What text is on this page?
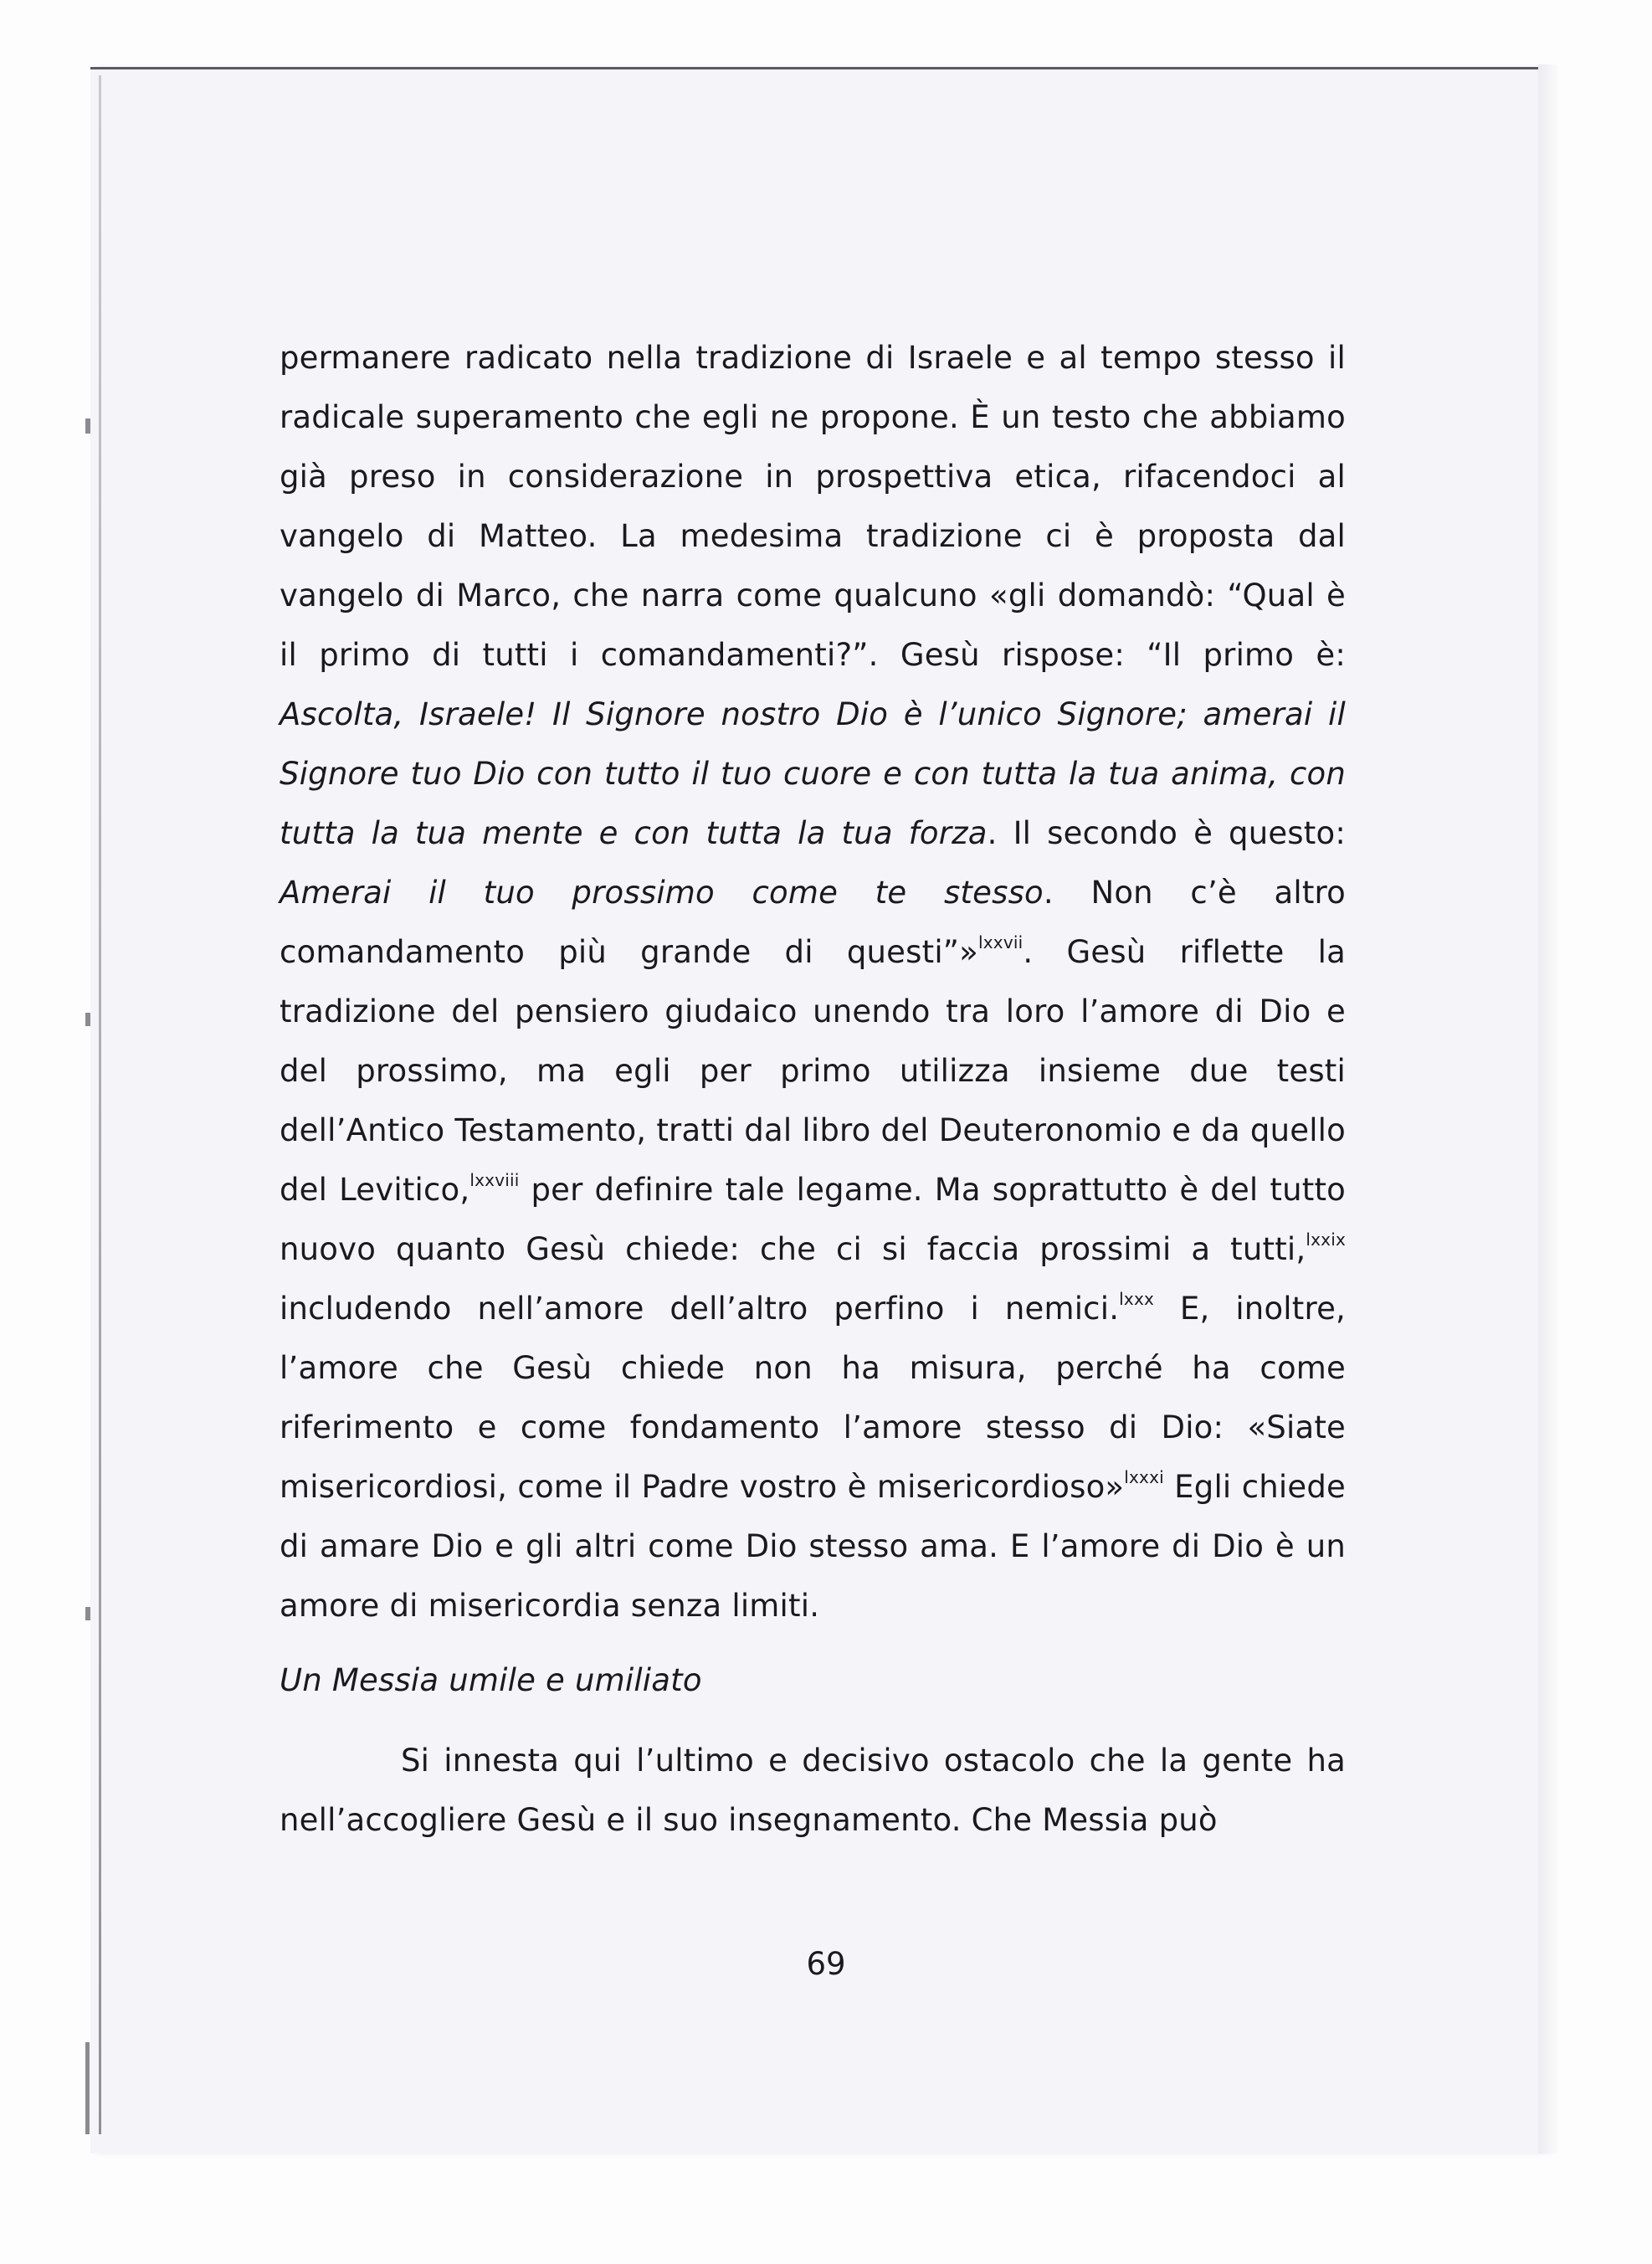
permanere radicato nella tradizione di Israele e al tempo stesso il radicale superamento che egli ne propone. È un testo che abbiamo già preso in considerazione in prospettiva etica, rifacendoci al vangelo di Matteo. La medesima tradizione ci è proposta dal vangelo di Marco, che narra come qualcuno «gli domandò: “Qual è il primo di tutti i comandamenti?”. Gesù rispose: “Il primo è: Ascolta, Israele! Il Signore nostro Dio è l’unico Signore; amerai il Signore tuo Dio con tutto il tuo cuore e con tutta la tua anima, con tutta la tua mente e con tutta la tua forza. Il secondo è questo: Amerai il tuo prossimo come te stesso. Non c’è altro comandamento più grande di questi”»$^{lxxvii}$. Gesù riflette la tradizione del pensiero giudaico unendo tra loro l’amore di Dio e del prossimo, ma egli per primo utilizza insieme due testi dell’Antico Testamento, tratti dal libro del Deuteronomio e da quello del Levitico,$^{lxxviii}$ per definire tale legame. Ma soprattutto è del tutto nuovo quanto Gesù chiede: che ci si faccia prossimi a tutti,$^{lxxix}$ includendo nell’amore dell’altro perfino i nemici.$^{lxxx}$ E, inoltre, l’amore che Gesù chiede non ha misura, perché ha come riferimento e come fondamento l’amore stesso di Dio: «Siate misericordiosi, come il Padre vostro è misericordioso»$^{lxxxi}$ Egli chiede di amare Dio e gli altri come Dio stesso ama. E l’amore di Dio è un amore di misericordia senza limiti.

Un Messia umile e umiliato

Si innesta qui l’ultimo e decisivo ostacolo che la gente ha nell’accogliere Gesù e il suo insegnamento. Che Messia può

69
